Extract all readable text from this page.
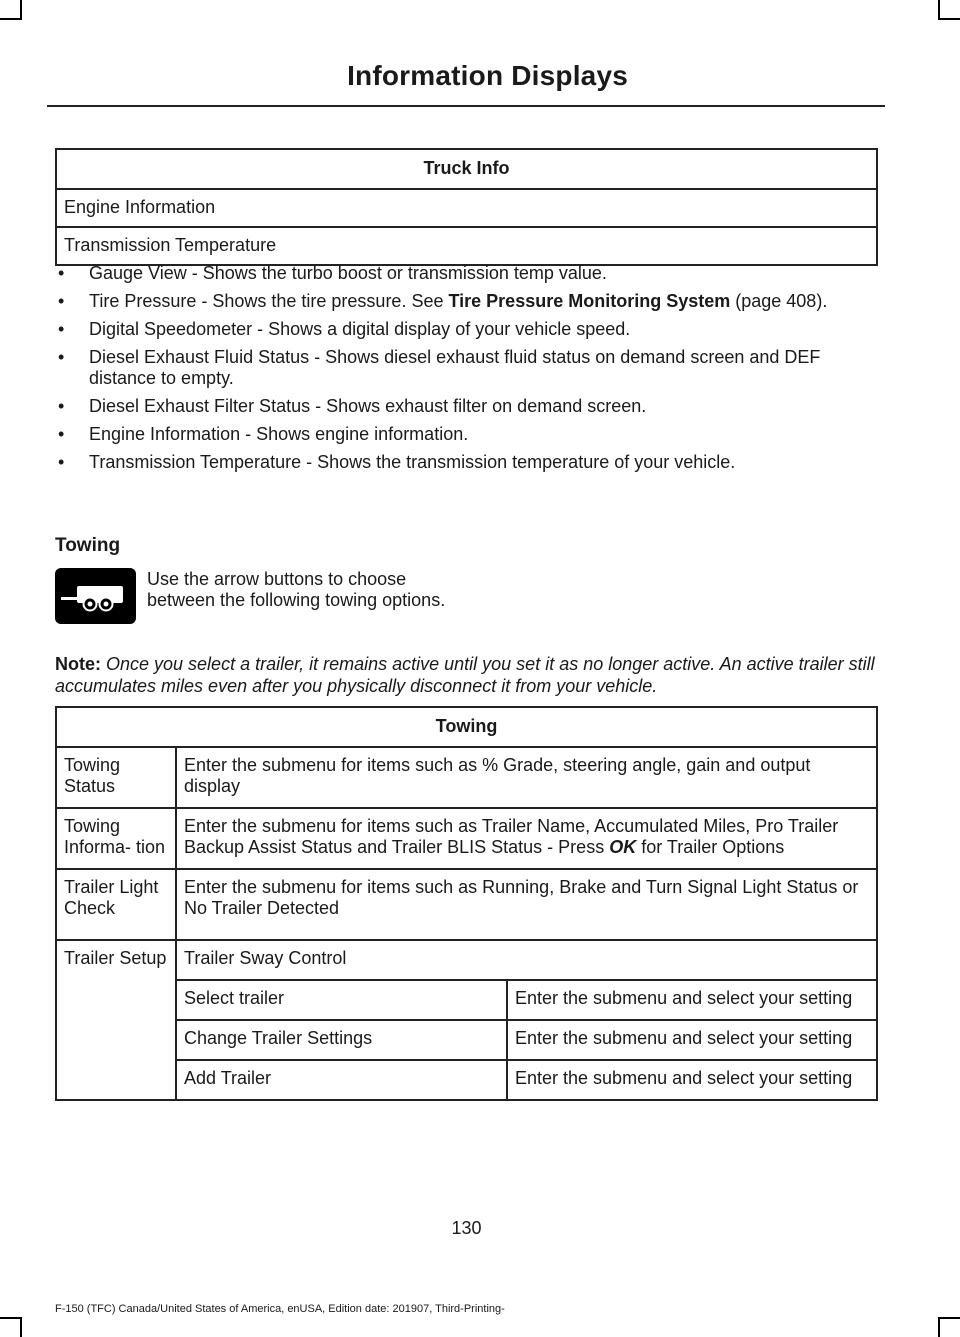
Information Displays
Truck Info
Engine Information
Transmission Temperature
• Gauge View - Shows the turbo boost or transmission temp value.
• Tire Pressure - Shows the tire pressure. See Tire Pressure Monitoring System (page 408).
• Digital Speedometer - Shows a digital display of your vehicle speed.
• Diesel Exhaust Fluid Status - Shows diesel exhaust fluid status on demand screen and DEF distance to empty.
• Diesel Exhaust Filter Status - Shows exhaust filter on demand screen.
• Engine Information - Shows engine information.
• Transmission Temperature - Shows the transmission temperature of your vehicle.
Towing
Use the arrow buttons to choose between the following towing options.
Note: Once you select a trailer, it remains active until you set it as no longer active. An active trailer still accumulates miles even after you physically disconnect it from your vehicle.
Towing		
Towing Status	Enter the submenu for items such as % Grade, steering angle, gain and output display	
Towing Informa- tion	Enter the submenu for items such as Trailer Name, Accumulated Miles, Pro Trailer Backup Assist Status and Trailer BLIS Status - Press OK for Trailer Options	
Trailer Light Check	Enter the submenu for items such as Running, Brake and Turn Signal Light Status or No Trailer Detected	
Trailer Setup	Trailer Sway Control	
	Select trailer	Enter the submenu and select your setting
	Change Trailer Settings	Enter the submenu and select your setting
	Add Trailer	Enter the submenu and select your setting
130
F-150 (TFC) Canada/United States of America, enUSA, Edition date: 201907, Third-Printing-
